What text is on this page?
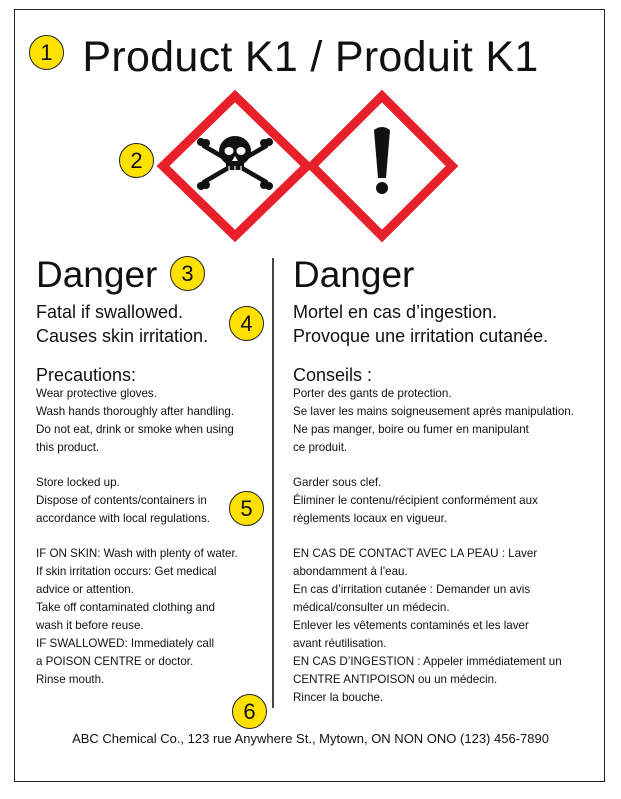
1 Product K1 / Produit K1
2
Danger	3
Fatal if swallowed.
Causes skin irritation.
4
Precautions:
Wear protective gloves.
Wash hands thoroughly after handling.
Do not eat, drink or smoke when using
this product.
Store locked up.
Dispose of contents/containers in
accordance with local regulations.	5
IF ON SKIN: Wash with plenty of water.
If skin irritation occurs: Get medical
advice or attention.
Take off contaminated clothing and
wash it before reuse.
IF SWALLOWED: Immediately call
a POISON CENTRE or doctor.
Rinse mouth.
Danger
Mortel en cas d’ingestion.
Provoque une irritation cutanée.
Conseils :
Porter des gants de protection.
Se laver les mains soigneusement après manipulation.
Ne pas manger, boire ou fumer en manipulant
ce produit.
Garder sous clef.
Éliminer le contenu/récipient conformément aux
règlements locaux en vigueur.
EN CAS DE CONTACT AVEC LA PEAU : Laver
abondamment à l’eau.
En cas d’irritation cutanée : Demander un avis
médical/consulter un médecin.
Enlever les vêtements contaminés et les laver
avant réutilisation.
EN CAS D’INGESTION : Appeler immédiatement un
CENTRE ANTIPOISON ou un médecin.
Rincer la bouche.
6
ABC Chemical Co., 123 rue Anywhere St., Mytown, ON NON ONO (123) 456-7890
